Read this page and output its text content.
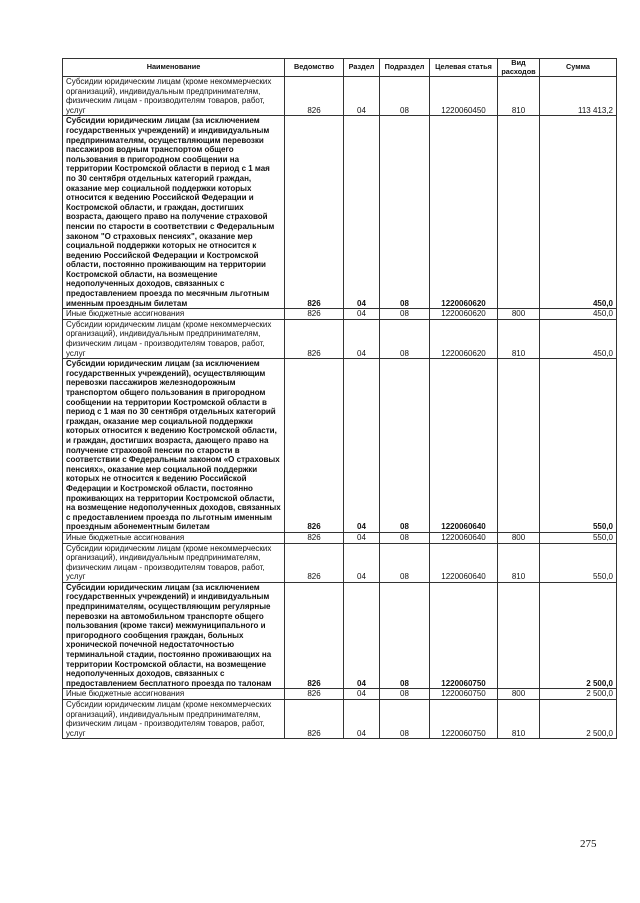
Наименование	Ведомство	Раздел	Подраздел	Целевая статья	Вид расходов	Сумма
Субсидии юридическим лицам (кроме некоммерческих организаций), индивидуальным предпринимателям, физическим лицам - производителям товаров, работ, услуг	826	04	08	1220060450	810	113 413,2
Субсидии юридическим лицам (за исключением государственных учреждений) и индивидуальным предпринимателям, осуществляющим перевозки пассажиров водным транспортом общего пользования в пригородном сообщении на территории Костромской области в период с 1 мая по 30 сентября отдельных категорий граждан, оказание мер социальной поддержки которых относится к ведению Российской Федерации и Костромской области, и граждан, достигших возраста, дающего право на получение страховой пенсии по старости в соответствии с Федеральным законом "О страховых пенсиях", оказание мер социальной поддержки которых не относится к ведению Российской Федерации и Костромской области, постоянно проживающим на территории Костромской области, на возмещение недополученных доходов, связанных с предоставлением проезда по месячным льготным именным проездным билетам	826	04	08	1220060620		450,0
Иные бюджетные ассигнования	826	04	08	1220060620	800	450,0
Субсидии юридическим лицам (кроме некоммерческих организаций), индивидуальным предпринимателям, физическим лицам - производителям товаров, работ, услуг	826	04	08	1220060620	810	450,0
Субсидии юридическим лицам (за исключением государственных учреждений), осуществляющим перевозки пассажиров железнодорожным транспортом общего пользования в пригородном сообщении на территории Костромской области в период с 1 мая по 30 сентября отдельных категорий граждан, оказание мер социальной поддержки которых относится к ведению Костромской области, и граждан, достигших возраста, дающего право на получение страховой пенсии по старости в соответствии с Федеральным законом «О страховых пенсиях», оказание мер социальной поддержки которых не относится к ведению Российской Федерации и Костромской области, постоянно проживающих на территории Костромской области, на возмещение недополученных доходов, связанных с предоставлением проезда по льготным именным проездным абонементным билетам	826	04	08	1220060640		550,0
Иные бюджетные ассигнования	826	04	08	1220060640	800	550,0
Субсидии юридическим лицам (кроме некоммерческих организаций), индивидуальным предпринимателям, физическим лицам - производителям товаров, работ, услуг	826	04	08	1220060640	810	550,0
Субсидии юридическим лицам (за исключением государственных учреждений) и индивидуальным предпринимателям, осуществляющим регулярные перевозки на автомобильном транспорте общего пользования (кроме такси) межмуниципального и пригородного сообщения граждан, больных хронической почечной недостаточностью терминальной стадии, постоянно проживающих на территории Костромской области, на возмещение недополученных доходов, связанных с предоставлением бесплатного проезда по талонам	826	04	08	1220060750		2 500,0
Иные бюджетные ассигнования	826	04	08	1220060750	800	2 500,0
Субсидии юридическим лицам (кроме некоммерческих организаций), индивидуальным предпринимателям, физическим лицам - производителям товаров, работ, услуг	826	04	08	1220060750	810	2 500,0
275
